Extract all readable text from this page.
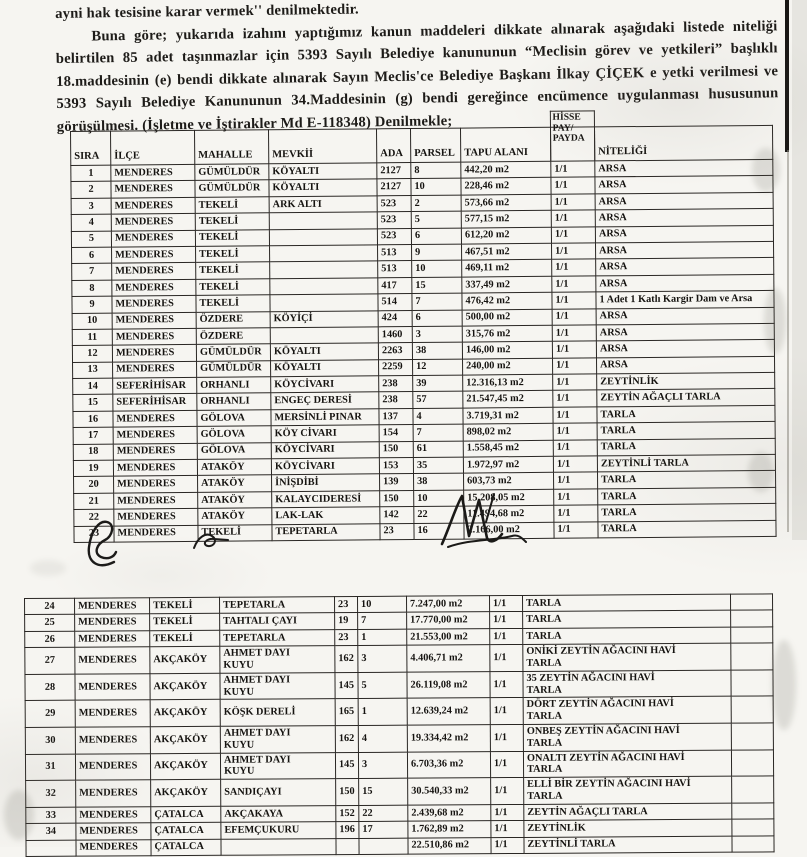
ayni hak tesisine karar vermek'' denilmektedir.
Buna göre; yukarıda izahını yaptığımız kanun maddeleri dikkate alınarak aşağıdaki listede niteliği belirtilen 85 adet taşınmazlar için 5393 Sayılı Belediye kanununun “Meclisin görev ve yetkileri” başlıklı 18.maddesinin (e) bendi dikkate alınarak Sayın Meclis'ce Belediye Başkanı İlkay ÇİÇEK e yetki verilmesi ve 5393 Sayılı Belediye Kanununun 34.Maddesinin (g) bendi gereğince encümence uygulanması hususunun görüşülmesi. (İşletme ve İştirakler Md E-118348) Denilmekle;
SIRA	İLÇE	MAHALLE	MEVKİİ	ADA	PARSEL	TAPU ALANI	HİSSE
PAY/
PAYDA	NİTELİĞİ
1	MENDERES	GÜMÜLDÜR	KÖYALTI	2127	8	442,20 m2	1/1	ARSA
2	MENDERES	GÜMÜLDÜR	KÖYALTI	2127	10	228,46 m2	1/1	ARSA
3	MENDERES	TEKELİ	ARK ALTI	523	2	573,66 m2	1/1	ARSA
4	MENDERES	TEKELİ		523	5	577,15 m2	1/1	ARSA
5	MENDERES	TEKELİ		523	6	612,20 m2	1/1	ARSA
6	MENDERES	TEKELİ		513	9	467,51 m2	1/1	ARSA
7	MENDERES	TEKELİ		513	10	469,11 m2	1/1	ARSA
8	MENDERES	TEKELİ		417	15	337,49 m2	1/1	ARSA
9	MENDERES	TEKELİ		514	7	476,42 m2	1/1	1 Adet 1 Katlı Kargir Dam ve Arsa
10	MENDERES	ÖZDERE	KÖYİÇİ	424	6	500,00 m2	1/1	ARSA
11	MENDERES	ÖZDERE		1460	3	315,76 m2	1/1	ARSA
12	MENDERES	GÜMÜLDÜR	KÖYALTI	2263	38	146,00 m2	1/1	ARSA
13	MENDERES	GÜMÜLDÜR	KÖYALTI	2259	12	240,00 m2	1/1	ARSA
14	SEFERİHİSAR	ORHANLI	KÖYCİVARI	238	39	12.316,13 m2	1/1	ZEYTİNLİK
15	SEFERİHİSAR	ORHANLI	ENGEÇ DERESİ	238	57	21.547,45 m2	1/1	ZEYTİN AĞAÇLI TARLA
16	MENDERES	GÖLOVA	MERSİNLİ PINAR	137	4	3.719,31 m2	1/1	TARLA
17	MENDERES	GÖLOVA	KÖY CİVARI	154	7	898,02 m2	1/1	TARLA
18	MENDERES	GÖLOVA	KÖYCİVARI	150	61	1.558,45 m2	1/1	TARLA
19	MENDERES	ATAKÖY	KÖYCİVARI	153	35	1.972,97 m2	1/1	ZEYTİNLİ TARLA
20	MENDERES	ATAKÖY	İNİŞDİBİ	139	38	603,73 m2	1/1	TARLA
21	MENDERES	ATAKÖY	KALAYCIDERESİ	150	10	15.208,05 m2	1/1	TARLA
22	MENDERES	ATAKÖY	LAK-LAK	142	22	11.494,68 m2	1/1	TARLA
23	MENDERES	TEKELİ	TEPETARLA	23	16	2.166,00 m2	1/1	TARLA
24	MENDERES	TEKELİ	TEPETARLA	23	10	7.247,00 m2	1/1	TARLA	
25	MENDERES	TEKELİ	TAHTALI ÇAYI	19	7	17.770,00 m2	1/1	TARLA	
26	MENDERES	TEKELİ	TEPETARLA	23	1	21.553,00 m2	1/1	TARLA	
27	MENDERES	AKÇAKÖY	AHMET DAYI KUYU	162	3	4.406,71 m2	1/1	ONİKİ ZEYTİN AĞACINI HAVİ TARLA	
28	MENDERES	AKÇAKÖY	AHMET DAYI KUYU	145	5	26.119,08 m2	1/1	35 ZEYTİN AĞACINI HAVİ TARLA	
29	MENDERES	AKÇAKÖY	KÖŞK DERELİ	165	1	12.639,24 m2	1/1	DÖRT ZEYTİN AĞACINI HAVİ TARLA	
30	MENDERES	AKÇAKÖY	AHMET DAYI KUYU	162	4	19.334,42 m2	1/1	ONBEŞ ZEYTİN AĞACINI HAVİ TARLA	
31	MENDERES	AKÇAKÖY	AHMET DAYI KUYU	145	3	6.703,36 m2	1/1	ONALTI ZEYTİN AĞACINI HAVİ TARLA	
32	MENDERES	AKÇAKÖY	SANDIÇAYI	150	15	30.540,33 m2	1/1	ELLİ BİR ZEYTİN AĞACINI HAVİ TARLA	
33	MENDERES	ÇATALCA	AKÇAKAYA	152	22	2.439,68 m2	1/1	ZEYTİN AĞAÇLI TARLA	
34	MENDERES	ÇATALCA	EFEMÇUKURU	196	17	1.762,89 m2	1/1	ZEYTİNLİK	
	MENDERES	ÇATALCA				22.510,86 m2	1/1	ZEYTİNLİ TARLA	
